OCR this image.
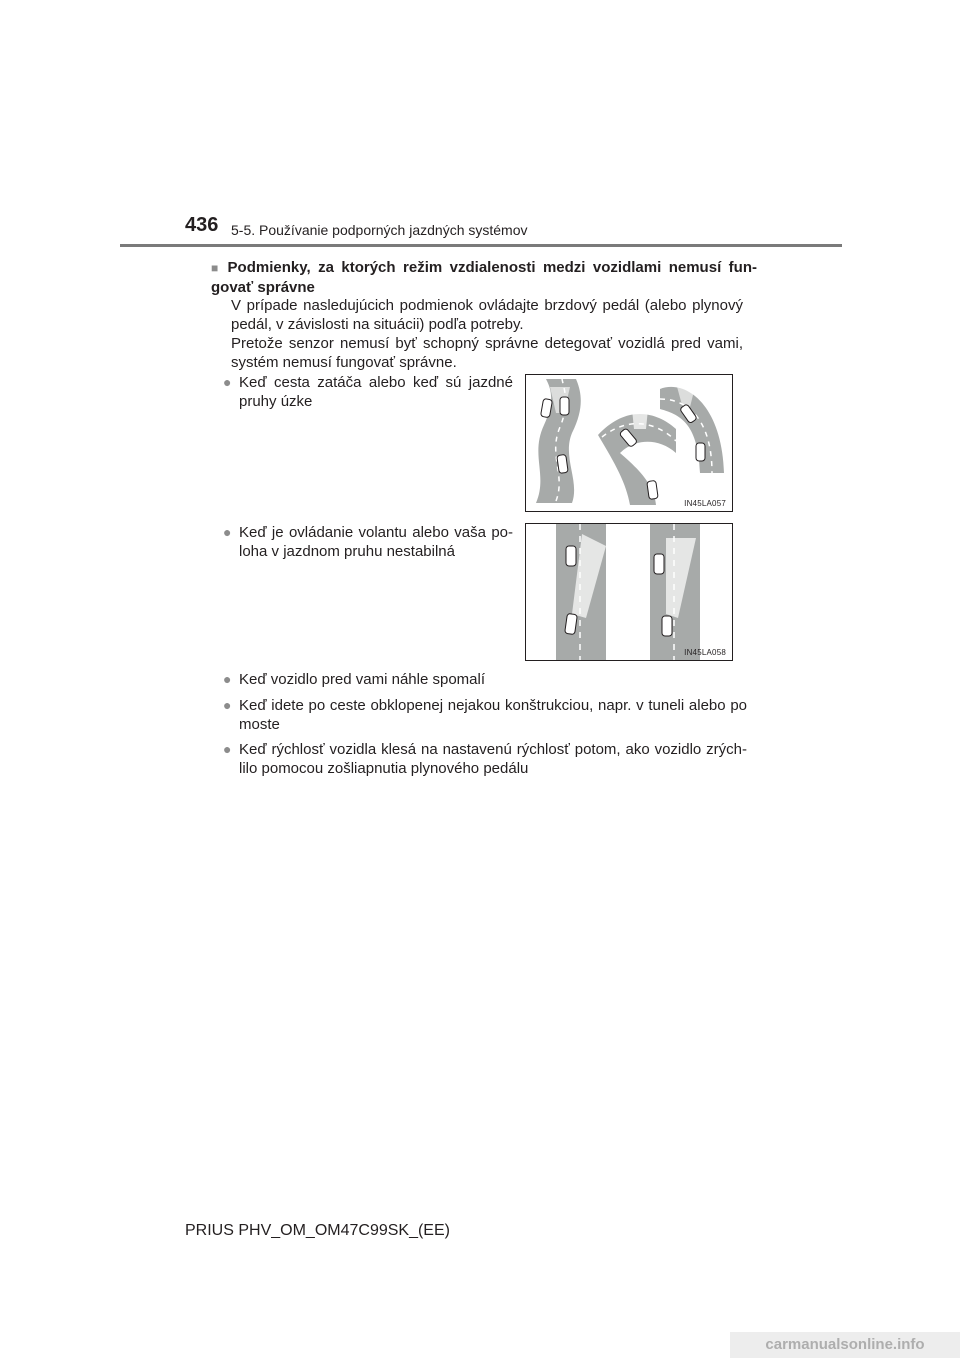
436 5-5. Používanie podporných jazdných systémov
■ Podmienky, za ktorých režim vzdialenosti medzi vozidlami nemusí fun-govať správne
V prípade nasledujúcich podmienok ovládajte brzdový pedál (alebo plynový pedál, v závislosti na situácii) podľa potreby.
Pretože senzor nemusí byť schopný správne detegovať vozidlá pred vami, systém nemusí fungovať správne.
● Keď cesta zatáča alebo keď sú jazdné pruhy úzke
IN45LA057
● Keď je ovládanie volantu alebo vaša po-loha v jazdnom pruhu nestabilná
IN45LA058
● Keď vozidlo pred vami náhle spomalí
● Keď idete po ceste obklopenej nejakou konštrukciou, napr. v tuneli alebo po moste
● Keď rýchlosť vozidla klesá na nastavenú rýchlosť potom, ako vozidlo zrých-lilo pomocou zošliapnutia plynového pedálu
PRIUS PHV_OM_OM47C99SK_(EE)
carmanualsonline.info
